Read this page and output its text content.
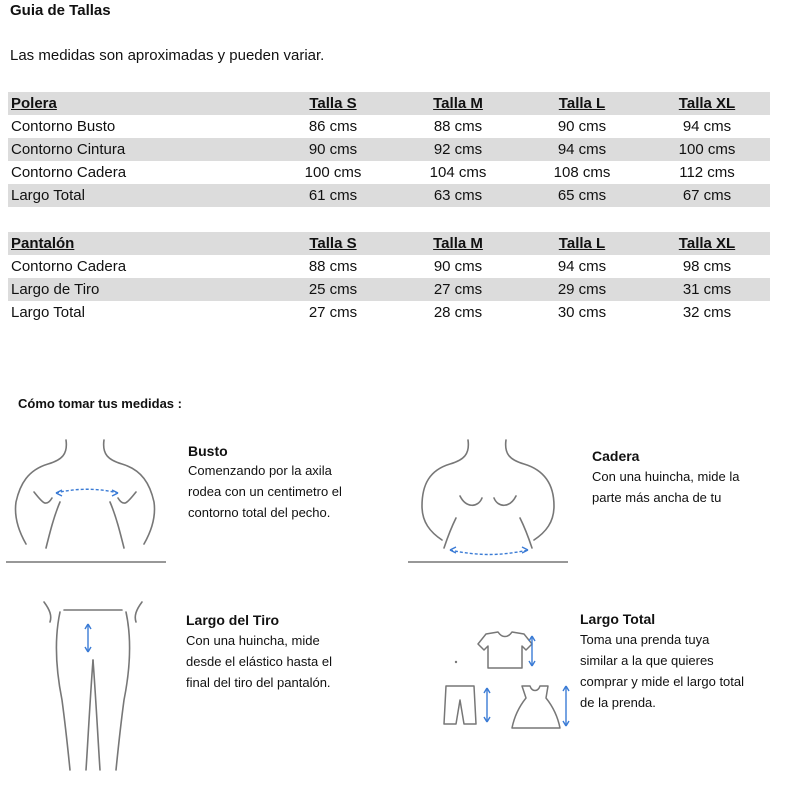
Guia de Tallas
Las medidas son aproximadas y pueden variar.
Polera	Talla S	Talla M	Talla L	Talla XL
Contorno Busto	86 cms	88 cms	90 cms	94 cms
Contorno Cintura	90 cms	92 cms	94 cms	100 cms
Contorno Cadera	100 cms	104 cms	108 cms	112 cms
Largo Total	61 cms	63 cms	65 cms	67 cms
Pantalón	Talla S	Talla M	Talla L	Talla XL
Contorno Cadera	88 cms	90 cms	94 cms	98 cms
Largo de Tiro	25 cms	27 cms	29 cms	31 cms
Largo Total	27 cms	28 cms	30 cms	32 cms
Cómo tomar tus medidas :
Busto
Comenzando por la axila
rodea con un centimetro el
contorno total del pecho.
Cadera
Con una huincha, mide la
parte más ancha de tu
Largo del Tiro
Con una huincha, mide
desde el elástico hasta el
final del tiro del pantalón.
Largo Total
Toma una prenda tuya
similar a la que quieres
comprar y mide el largo total
de la prenda.
